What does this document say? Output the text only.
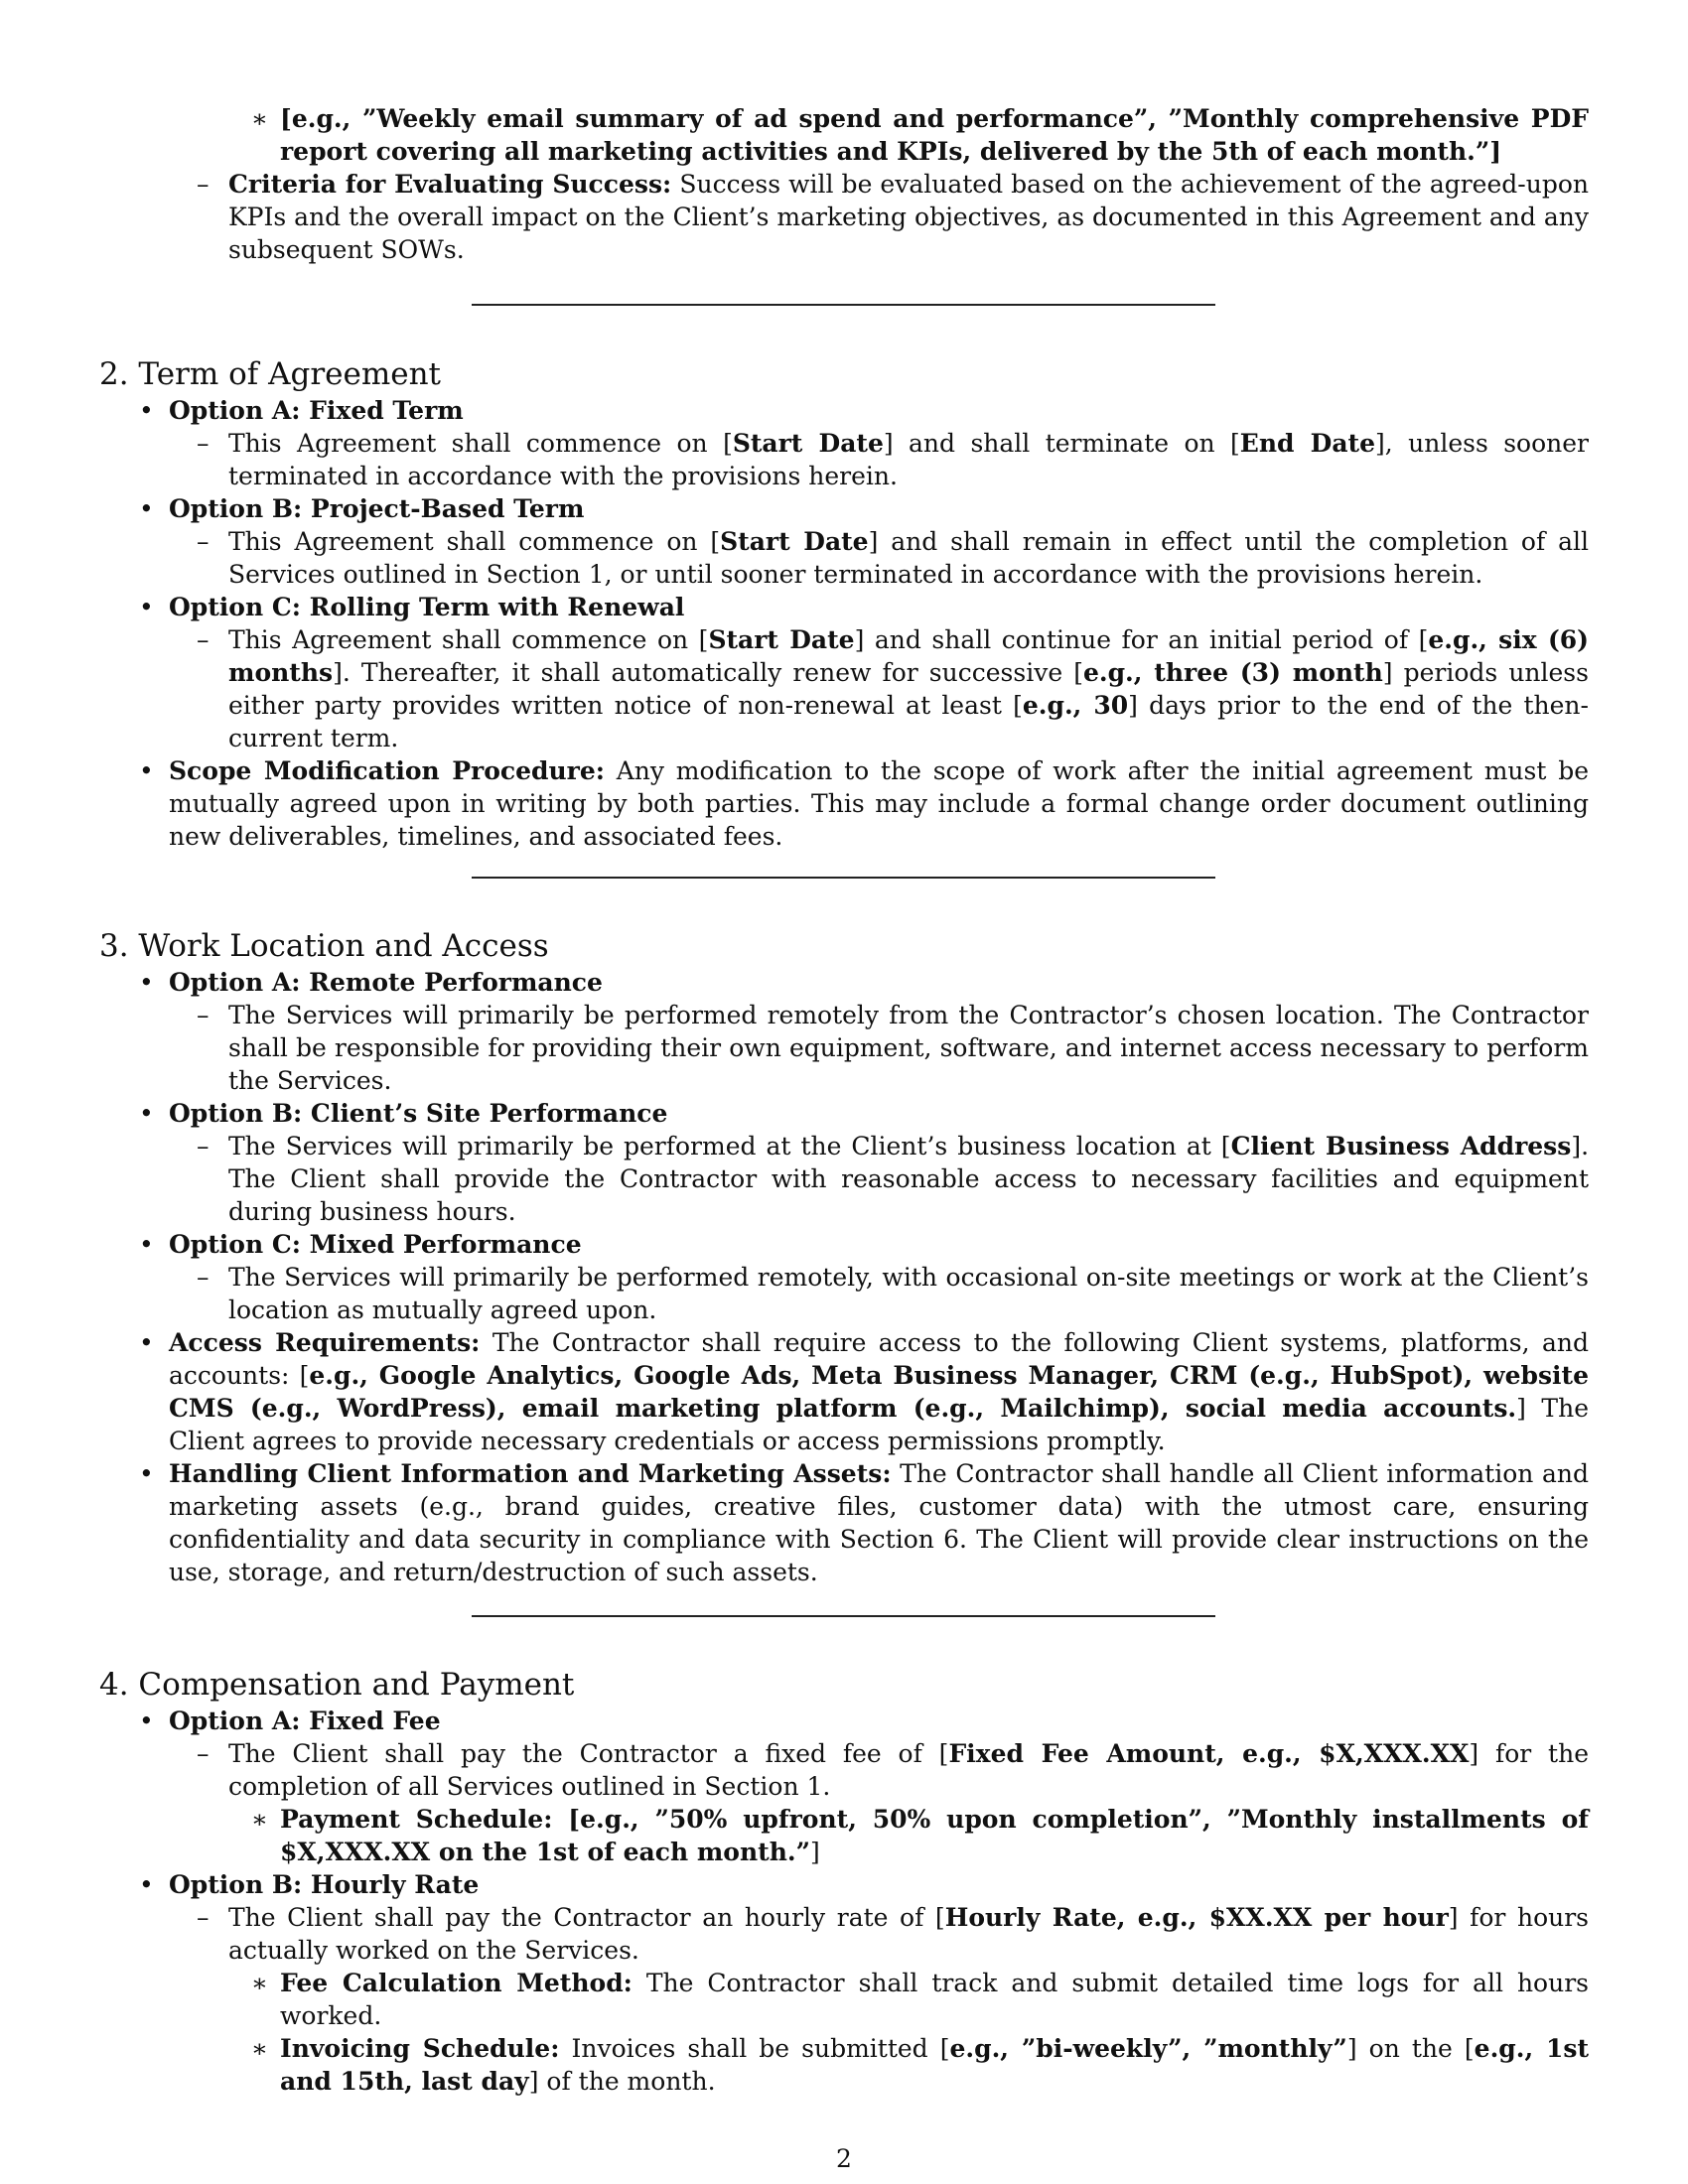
∗ [e.g., ”Weekly email summary of ad spend and performance”, ”Monthly comprehensive PDF report covering all marketing activities and KPIs, delivered by the 5th of each month.”]
– Criteria for Evaluating Success: Success will be evaluated based on the achievement of the agreed-upon KPIs and the overall impact on the Client’s marketing objectives, as documented in this Agreement and any subsequent SOWs.
2. Term of Agreement
• Option A: Fixed Term
– This Agreement shall commence on [Start Date] and shall terminate on [End Date], unless sooner terminated in accordance with the provisions herein.
• Option B: Project-Based Term
– This Agreement shall commence on [Start Date] and shall remain in effect until the completion of all Services outlined in Section 1, or until sooner terminated in accordance with the provisions herein.
• Option C: Rolling Term with Renewal
– This Agreement shall commence on [Start Date] and shall continue for an initial period of [e.g., six (6) months]. Thereafter, it shall automatically renew for successive [e.g., three (3) month] periods unless either party provides written notice of non-renewal at least [e.g., 30] days prior to the end of the then-current term.
• Scope Modification Procedure: Any modification to the scope of work after the initial agreement must be mutually agreed upon in writing by both parties. This may include a formal change order document outlining new deliverables, timelines, and associated fees.
3. Work Location and Access
• Option A: Remote Performance
– The Services will primarily be performed remotely from the Contractor’s chosen location. The Contractor shall be responsible for providing their own equipment, software, and internet access necessary to perform the Services.
• Option B: Client’s Site Performance
– The Services will primarily be performed at the Client’s business location at [Client Business Address]. The Client shall provide the Contractor with reasonable access to necessary facilities and equipment during business hours.
• Option C: Mixed Performance
– The Services will primarily be performed remotely, with occasional on-site meetings or work at the Client’s location as mutually agreed upon.
• Access Requirements: The Contractor shall require access to the following Client systems, platforms, and accounts: [e.g., Google Analytics, Google Ads, Meta Business Manager, CRM (e.g., HubSpot), website CMS (e.g., WordPress), email marketing platform (e.g., Mailchimp), social media accounts.] The Client agrees to provide necessary credentials or access permissions promptly.
• Handling Client Information and Marketing Assets: The Contractor shall handle all Client information and marketing assets (e.g., brand guides, creative files, customer data) with the utmost care, ensuring confidentiality and data security in compliance with Section 6. The Client will provide clear instructions on the use, storage, and return/destruction of such assets.
4. Compensation and Payment
• Option A: Fixed Fee
– The Client shall pay the Contractor a fixed fee of [Fixed Fee Amount, e.g., $X,XXX.XX] for the completion of all Services outlined in Section 1.
∗ Payment Schedule: [e.g., ”50% upfront, 50% upon completion”, ”Monthly installments of $X,XXX.XX on the 1st of each month.”]
• Option B: Hourly Rate
– The Client shall pay the Contractor an hourly rate of [Hourly Rate, e.g., $XX.XX per hour] for hours actually worked on the Services.
∗ Fee Calculation Method: The Contractor shall track and submit detailed time logs for all hours worked.
∗ Invoicing Schedule: Invoices shall be submitted [e.g., ”bi-weekly”, ”monthly”] on the [e.g., 1st and 15th, last day] of the month.
2
